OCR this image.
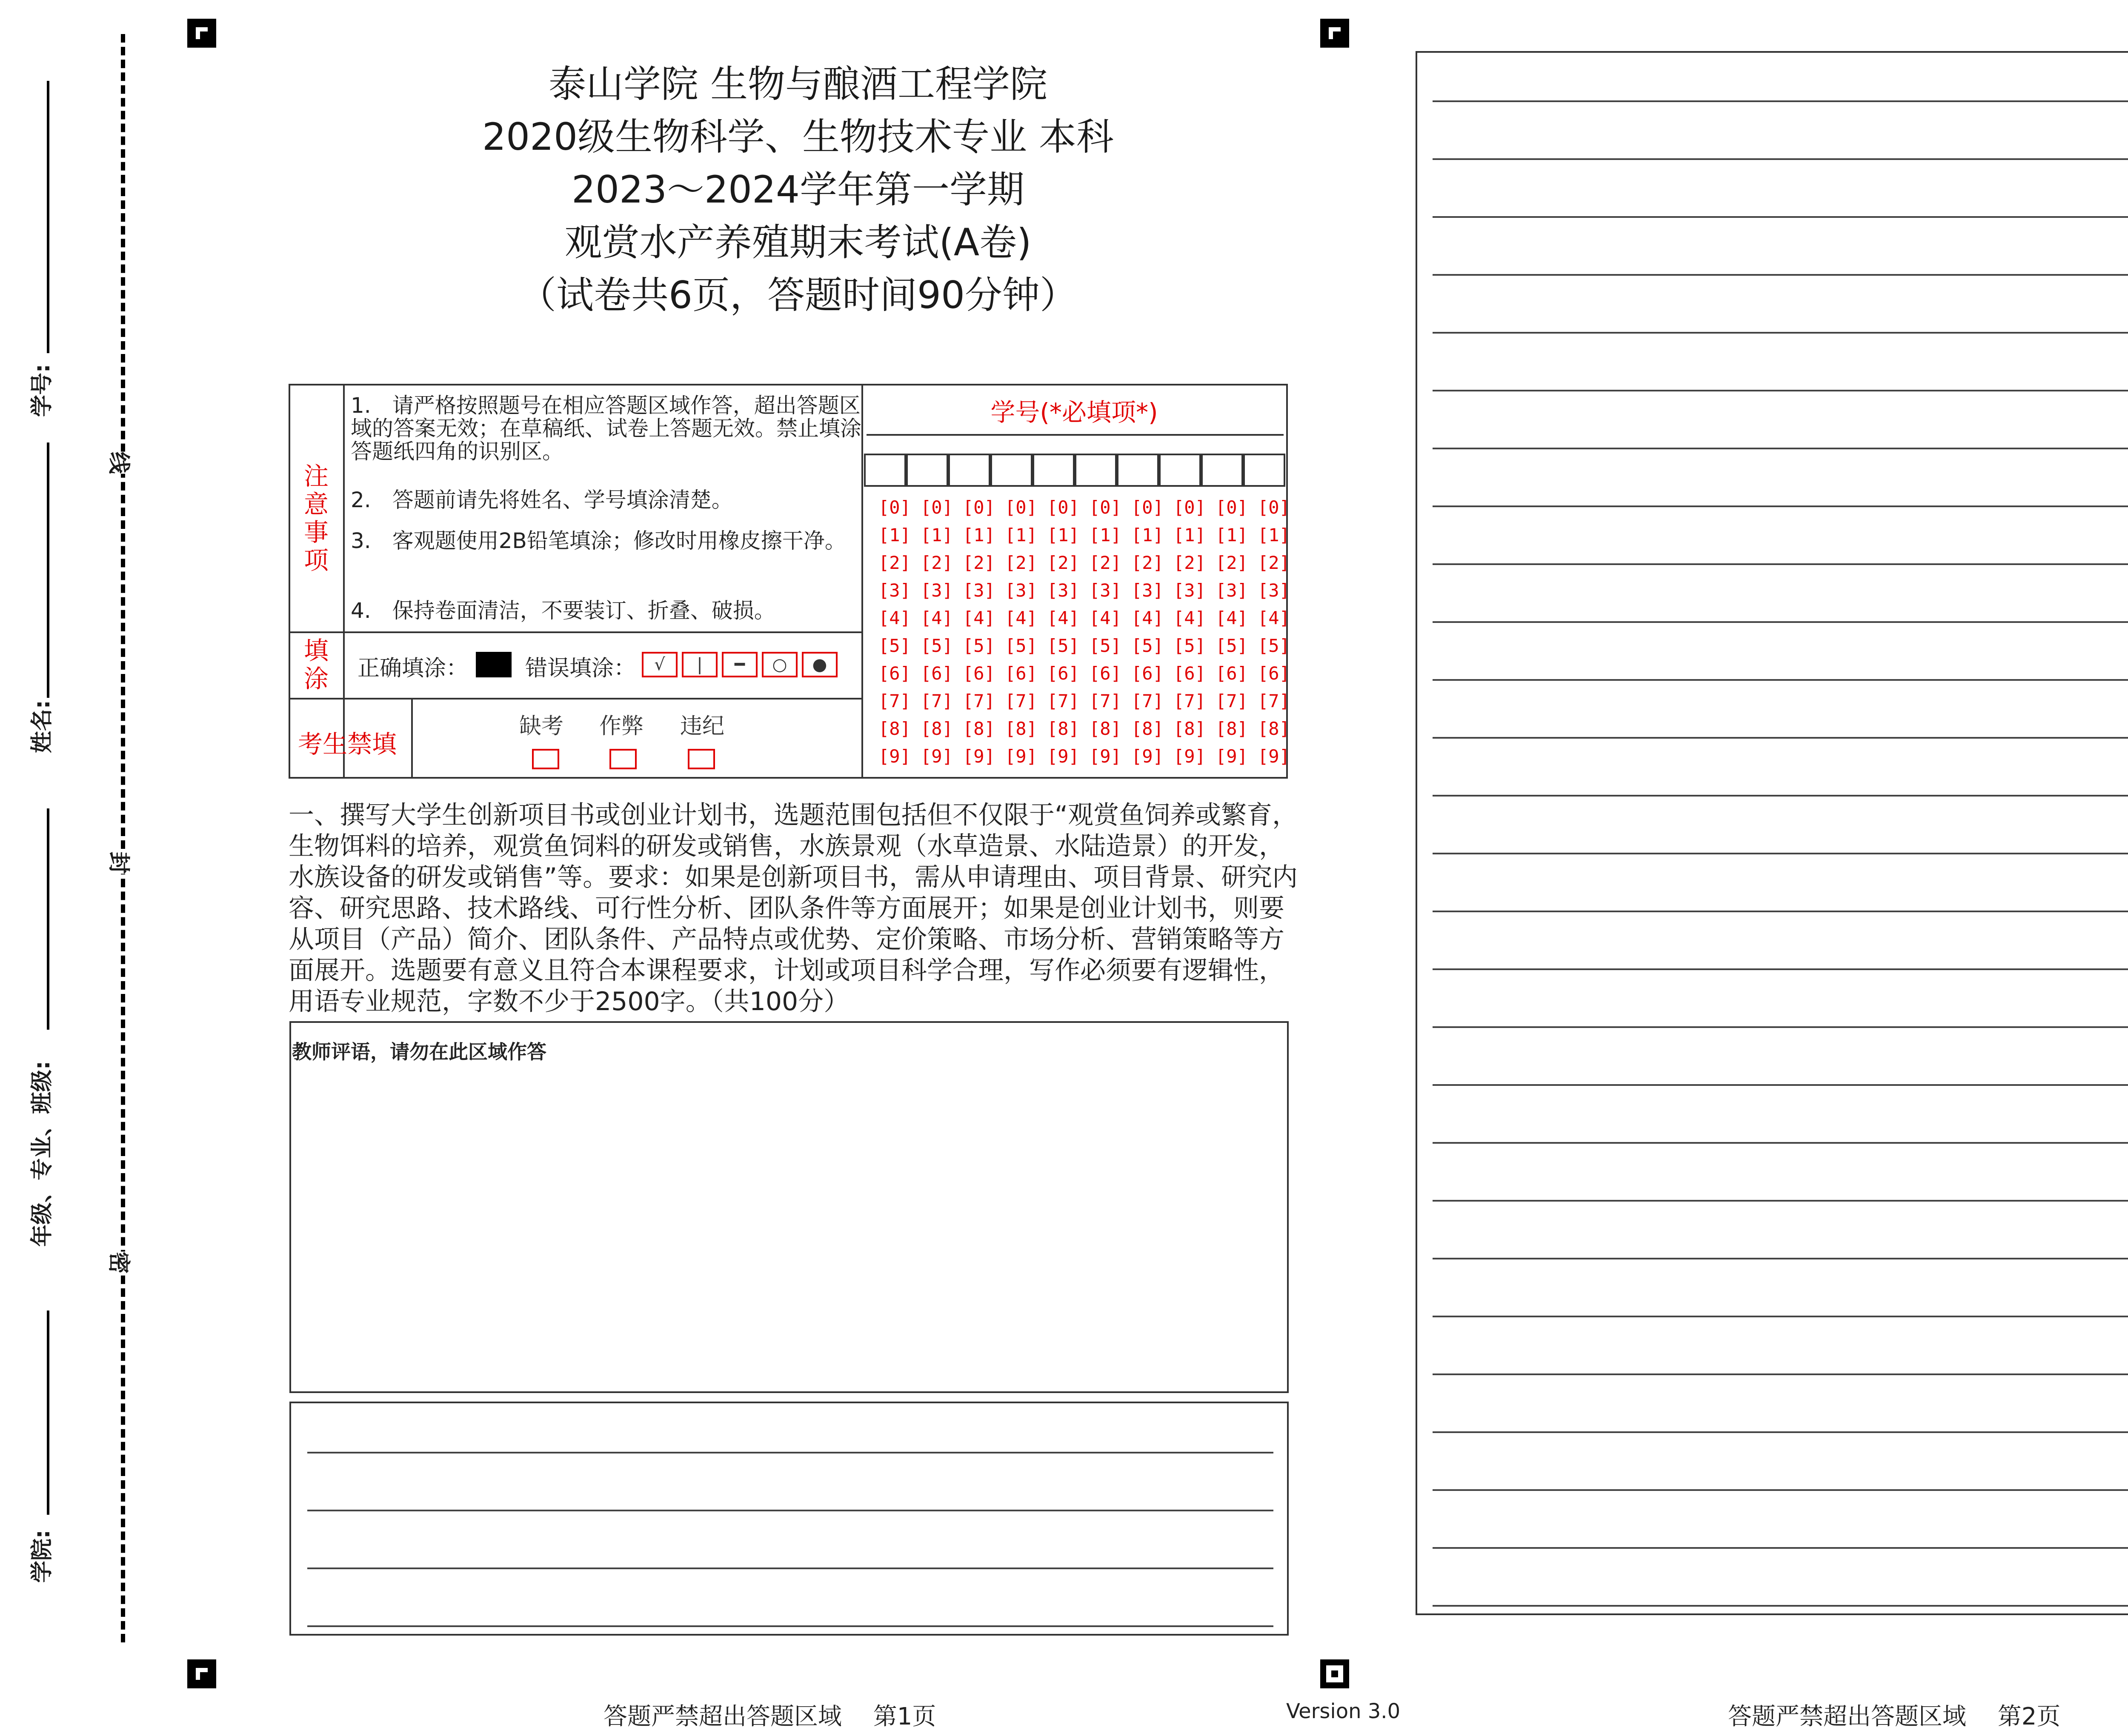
学号:
姓名:
年级、专业、班级:
学院:
线
封
密
泰山学院 生物与酿酒工程学院
2020级生物科学、生物技术专业 本科
2023～2024学年第一学期
观赏水产养殖期末考试(A卷)
（试卷共6页，答题时间90分钟）
注意事项
1.　请严格按照题号在相应答题区域作答，超出答题区域的答案无效；在草稿纸、试卷上答题无效。禁止填涂答题纸四角的识别区。
2.　答题前请先将姓名、学号填涂清楚。
3.　客观题使用2B铅笔填涂；修改时用橡皮擦干净。
4.　保持卷面清洁，不要装订、折叠、破损。
填涂 正确填涂：	错误填涂：	√	|	━	○	●
考生禁填
缺考 作弊 违纪
学号(*必填项*)
[0] [0] [0] [0] [0] [0] [0] [0] [0] [0]
[1] [1] [1] [1] [1] [1] [1] [1] [1] [1]
[2] [2] [2] [2] [2] [2] [2] [2] [2] [2]
[3] [3] [3] [3] [3] [3] [3] [3] [3] [3]
[4] [4] [4] [4] [4] [4] [4] [4] [4] [4]
[5] [5] [5] [5] [5] [5] [5] [5] [5] [5]
[6] [6] [6] [6] [6] [6] [6] [6] [6] [6]
[7] [7] [7] [7] [7] [7] [7] [7] [7] [7]
[8] [8] [8] [8] [8] [8] [8] [8] [8] [8]
[9] [9] [9] [9] [9] [9] [9] [9] [9] [9]
一、撰写大学生创新项目书或创业计划书，选题范围包括但不仅限于“观赏鱼饲养或繁育，生物饵料的培养，观赏鱼饲料的研发或销售，水族景观（水草造景、水陆造景）的开发，水族设备的研发或销售”等。要求：如果是创新项目书，需从申请理由、项目背景、研究内容、研究思路、技术路线、可行性分析、团队条件等方面展开；如果是创业计划书，则要从项目（产品）简介、团队条件、产品特点或优势、定价策略、市场分析、营销策略等方面展开。选题要有意义且符合本课程要求，计划或项目科学合理，写作必须要有逻辑性，用语专业规范，字数不少于2500字。（共100分）
教师评语，请勿在此区域作答
答题严禁超出答题区域　 第1页	Version 3.0	答题严禁超出答题区域　 第2页
